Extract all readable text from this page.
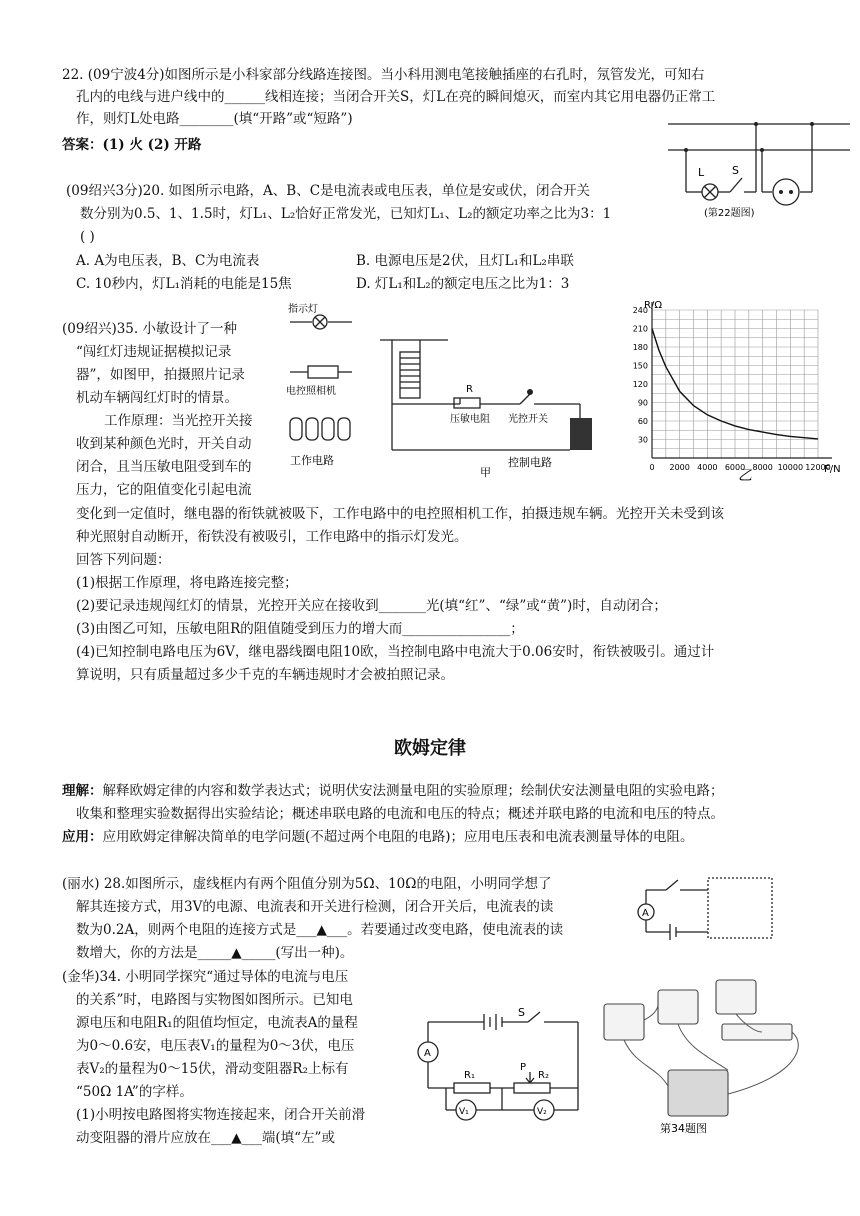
22. (09宁波4分)如图所示是小科家部分线路连接图。当小科用测电笔接触插座的右孔时，氖管发光，可知右
孔内的电线与进户线中的______线相连接；当闭合开关S，灯L在亮的瞬间熄灭，而室内其它用电器仍正常工
作，则灯L处电路________(填“开路”或“短路”)
答案：(1) 火 (2) 开路
L	S
(第22题图)
(09绍兴3分)20. 如图所示电路，A、B、C是电流表或电压表，单位是安或伏，闭合开关
数分别为0.5、1、1.5时，灯L₁、L₂恰好正常发光，已知灯L₁、L₂的额定功率之比为3：1
( )
A. A为电压表，B、C为电流表	B. 电源电压是2伏，且灯L₁和L₂串联
C. 10秒内，灯L₁消耗的电能是15焦	D. 灯L₁和L₂的额定电压之比为1：3
(09绍兴)35. 小敏设计了一种
“闯红灯违规证据模拟记录
器”，如图甲，拍摄照片记录
机动车辆闯红灯时的情景。
工作原理：当光控开关接
收到某种颜色光时，开关自动
闭合，且当压敏电阻受到车的
压力，它的阻值变化引起电流
变化到一定值时，继电器的衔铁就被吸下，工作电路中的电控照相机工作，拍摄违规车辆。光控开关未受到该
种光照射自动断开，衔铁没有被吸引，工作电路中的指示灯发光。
回答下列问题：
(1)根据工作原理，将电路连接完整；
(2)要记录违规闯红灯的情景，光控开关应在接收到_______光(填“红”、“绿”或“黄”)时，自动闭合；
(3)由图乙可知，压敏电阻R的阻值随受到压力的增大而________________；
(4)已知控制电路电压为6V，继电器线圈电阻10欧，当控制电路中电流大于0.06安时，衔铁被吸引。通过计
算说明，只有质量超过多少千克的车辆违规时才会被拍照记录。
指示灯
电控照相机
工作电路
R
压敏电阻 光控开关
控制电路
甲
R/Ω
F/N
乙
0 2000 4000 6000 8000 10000 12000
30
60
90
120
150
180
210
240
欧姆定律
理解：解释欧姆定律的内容和数学表达式；说明伏安法测量电阻的实验原理；绘制伏安法测量电阻的实验电路；
收集和整理实验数据得出实验结论；概述串联电路的电流和电压的特点；概述并联电路的电流和电压的特点。
应用：应用欧姆定律解决简单的电学问题(不超过两个电阻的电路)；应用电压表和电流表测量导体的电阻。
(丽水) 28.如图所示，虚线框内有两个阻值分别为5Ω、10Ω的电阻，小明同学想了
解其连接方式，用3V的电源、电流表和开关进行检测，闭合开关后，电流表的读
数为0.2A，则两个电阻的连接方式是___▲___。若要通过改变电路，使电流表的读
数增大，你的方法是_____▲_____(写出一种)。
A
(金华)34. 小明同学探究“通过导体的电流与电压
的关系”时，电路图与实物图如图所示。已知电
源电压和电阻R₁的阻值均恒定，电流表A的量程
为0～0.6安，电压表V₁的量程为0～3伏，电压
表V₂的量程为0～15伏，滑动变阻器R₂上标有
“50Ω 1A”的字样。
(1)小明按电路图将实物连接起来，闭合开关前滑
动变阻器的滑片应放在___▲___端(填“左”或
S
A
R₁
P
R₂
V₁	V₂
第34题图
